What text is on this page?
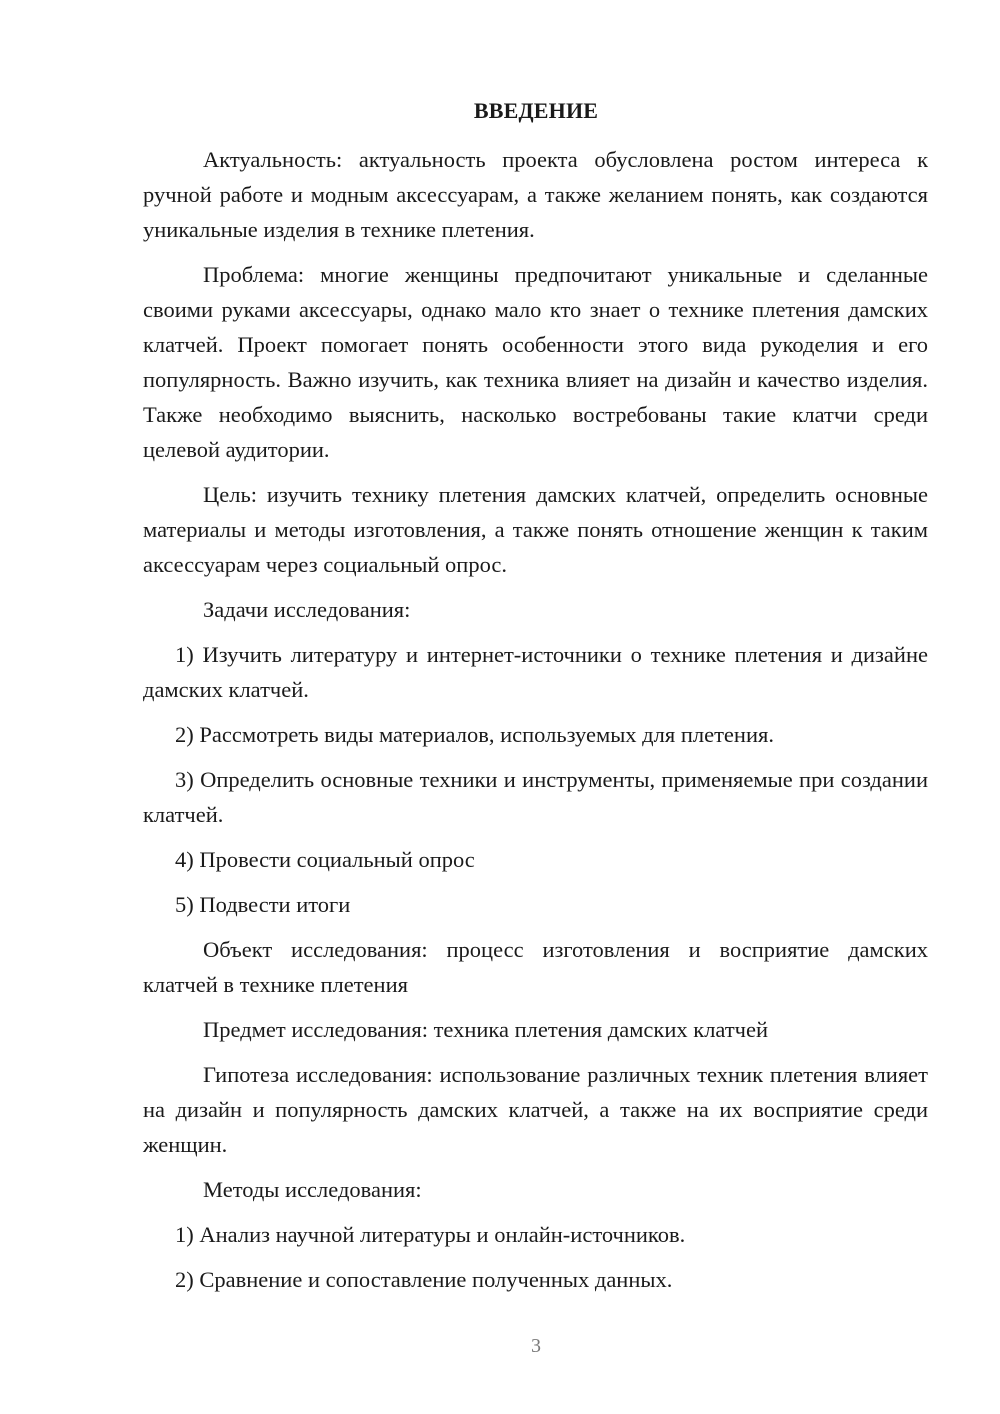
ВВЕДЕНИЕ

Актуальность: актуальность проекта обусловлена ростом интереса к ручной работе и модным аксессуарам, а также желанием понять, как создаются уникальные изделия в технике плетения.

Проблема: многие женщины предпочитают уникальные и сделанные своими руками аксессуары, однако мало кто знает о технике плетения дамских клатчей. Проект помогает понять особенности этого вида рукоделия и его популярность. Важно изучить, как техника влияет на дизайн и качество изделия. Также необходимо выяснить, насколько востребованы такие клатчи среди целевой аудитории.

Цель: изучить технику плетения дамских клатчей, определить основные материалы и методы изготовления, а также понять отношение женщин к таким аксессуарам через социальный опрос.

Задачи исследования:

1) Изучить литературу и интернет-источники о технике плетения и дизайне дамских клатчей.

2) Рассмотреть виды материалов, используемых для плетения.

3) Определить основные техники и инструменты, применяемые при создании клатчей.

4) Провести социальный опрос

5) Подвести итоги

Объект исследования: процесс изготовления и восприятие дамских клатчей в технике плетения

Предмет исследования: техника плетения дамских клатчей

Гипотеза исследования: использование различных техник плетения влияет на дизайн и популярность дамских клатчей, а также на их восприятие среди женщин.

Методы исследования:

1) Анализ научной литературы и онлайн-источников.

2) Сравнение и сопоставление полученных данных.

3
